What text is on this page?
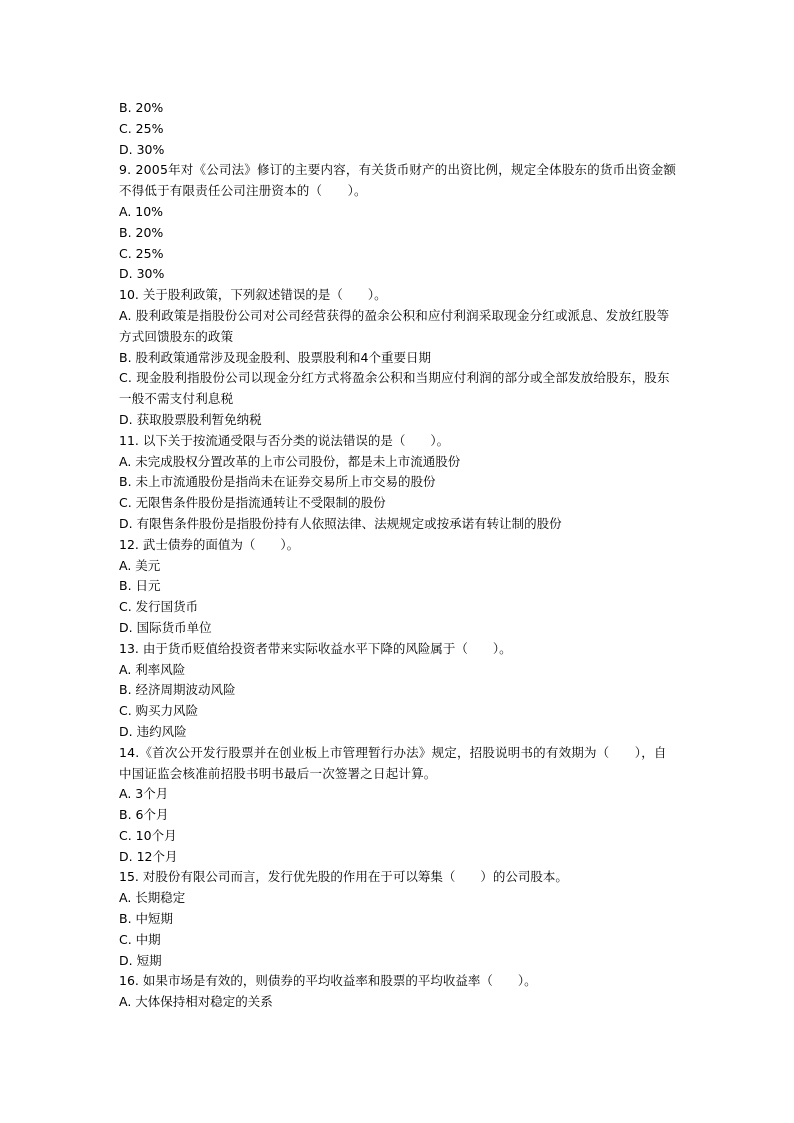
B. 20%
C. 25%
D. 30%
9. 2005年对《公司法》修订的主要内容，有关货币财产的出资比例，规定全体股东的货币出资金额不得低于有限责任公司注册资本的（　　）。
A. 10%
B. 20%
C. 25%
D. 30%
10. 关于股利政策，下列叙述错误的是（　　）。
A. 股利政策是指股份公司对公司经营获得的盈余公积和应付利润采取现金分红或派息、发放红股等方式回馈股东的政策
B. 股利政策通常涉及现金股利、股票股利和4个重要日期
C. 现金股利指股份公司以现金分红方式将盈余公积和当期应付利润的部分或全部发放给股东，股东一般不需支付利息税
D. 获取股票股利暂免纳税
11. 以下关于按流通受限与否分类的说法错误的是（　　）。
A. 未完成股权分置改革的上市公司股份，都是未上市流通股份
B. 未上市流通股份是指尚未在证券交易所上市交易的股份
C. 无限售条件股份是指流通转让不受限制的股份
D. 有限售条件股份是指股份持有人依照法律、法规规定或按承诺有转让制的股份
12. 武士债券的面值为（　　）。
A. 美元
B. 日元
C. 发行国货币
D. 国际货币单位
13. 由于货币贬值给投资者带来实际收益水平下降的风险属于（　　）。
A. 利率风险
B. 经济周期波动风险
C. 购买力风险
D. 违约风险
14.《首次公开发行股票并在创业板上市管理暂行办法》规定，招股说明书的有效期为（　　），自中国证监会核准前招股书明书最后一次签署之日起计算。
A. 3个月
B. 6个月
C. 10个月
D. 12个月
15. 对股份有限公司而言，发行优先股的作用在于可以筹集（　　）的公司股本。
A. 长期稳定
B. 中短期
C. 中期
D. 短期
16. 如果市场是有效的，则债券的平均收益率和股票的平均收益率（　　）。
A. 大体保持相对稳定的关系
